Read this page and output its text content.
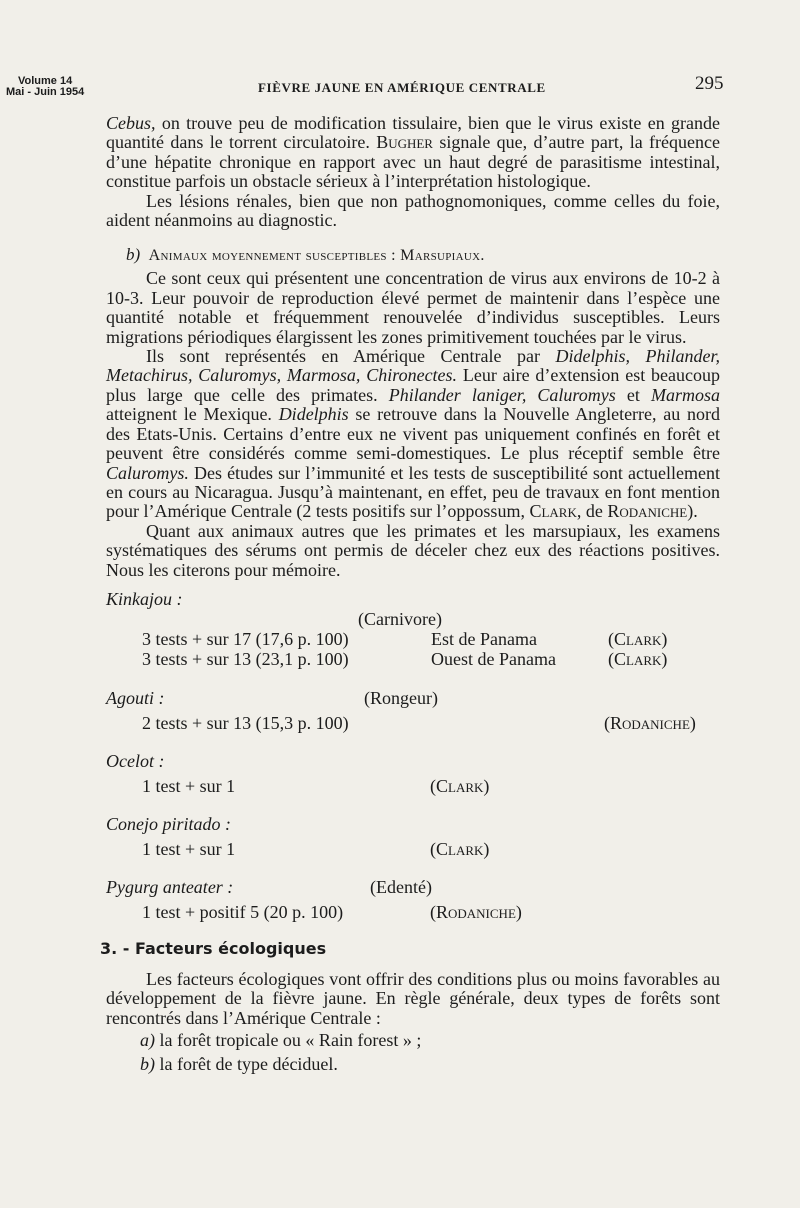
Volume 14
Mai - Juin 1954	FIÈVRE JAUNE EN AMÉRIQUE CENTRALE	295

Cebus, on trouve peu de modification tissulaire, bien que le virus existe en grande quantité dans le torrent circulatoire. Bugher signale que, d’autre part, la fréquence d’une hépatite chronique en rapport avec un haut degré de parasitisme intestinal, constitue parfois un obstacle sérieux à l’interprétation histologique.

Les lésions rénales, bien que non pathognomoniques, comme celles du foie, aident néanmoins au diagnostic.

b) Animaux moyennement susceptibles : Marsupiaux.

Ce sont ceux qui présentent une concentration de virus aux environs de 10-2 à 10-3. Leur pouvoir de reproduction élevé permet de maintenir dans l’espèce une quantité notable et fréquemment renouvelée d’individus susceptibles. Leurs migrations périodiques élargissent les zones primitivement touchées par le virus.

Ils sont représentés en Amérique Centrale par Didelphis, Philander, Metachirus, Caluromys, Marmosa, Chironectes. Leur aire d’extension est beaucoup plus large que celle des primates. Philander laniger, Caluromys et Marmosa atteignent le Mexique. Didelphis se retrouve dans la Nouvelle Angleterre, au nord des Etats-Unis. Certains d’entre eux ne vivent pas uniquement confinés en forêt et peuvent être considérés comme semi-domestiques. Le plus réceptif semble être Caluromys. Des études sur l’immunité et les tests de susceptibilité sont actuellement en cours au Nicaragua. Jusqu’à maintenant, en effet, peu de travaux en font mention pour l’Amérique Centrale (2 tests positifs sur l’oppossum, Clark, de Rodaniche).

Quant aux animaux autres que les primates et les marsupiaux, les examens systématiques des sérums ont permis de déceler chez eux des réactions positives. Nous les citerons pour mémoire.

Kinkajou :

(Carnivore)
3 tests + sur 17 (17,6 p. 100)	Est de Panama	(Clark)
3 tests + sur 13 (23,1 p. 100)	Ouest de Panama	(Clark)
Agouti :	(Rongeur)
2 tests + sur 13 (15,3 p. 100)	(Rodaniche)

Ocelot :

1 test + sur 1	(Clark)

Conejo piritado :

1 test + sur 1	(Clark)
Pygurg anteater :	(Edenté)
1 test + positif 5 (20 p. 100)	(Rodaniche)
3. - Facteurs écologiques

Les facteurs écologiques vont offrir des conditions plus ou moins favorables au développement de la fièvre jaune. En règle générale, deux types de forêts sont rencontrés dans l’Amérique Centrale :

a) la forêt tropicale ou « Rain forest » ;

b) la forêt de type déciduel.
